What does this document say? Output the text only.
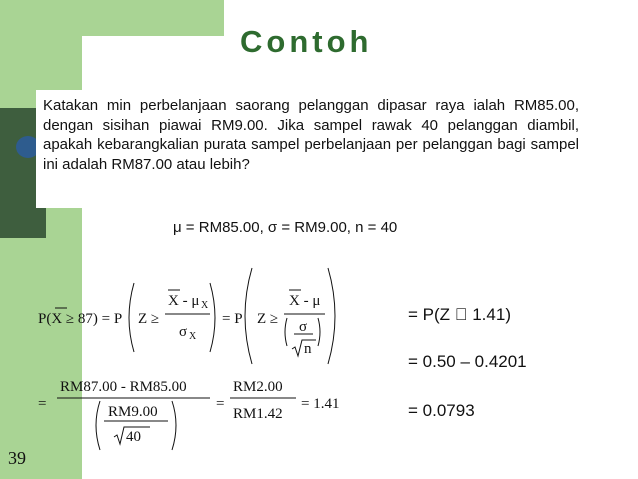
Contoh

Katakan min perbelanjaan saorang pelanggan dipasar raya ialah RM85.00, dengan sisihan piawai RM9.00. Jika sampel rawak 40 pelanggan diambil, apakah kebarangkalian purata sampel perbelanjaan per pelanggan bagi sampel ini adalah RM87.00 atau lebih?

μ = RM85.00, σ = RM9.00, n = 40
P(X ≥ 87) = P Z ≥
X - μ X
σ X
= P Z ≥
X - μ
σ
n
=
RM87.00 - RM85.00
RM9.00
40
=
RM2.00
RM1.42
= 1.41
= P(Z 1.41)
= 0.50 – 0.4201
= 0.0793
39
